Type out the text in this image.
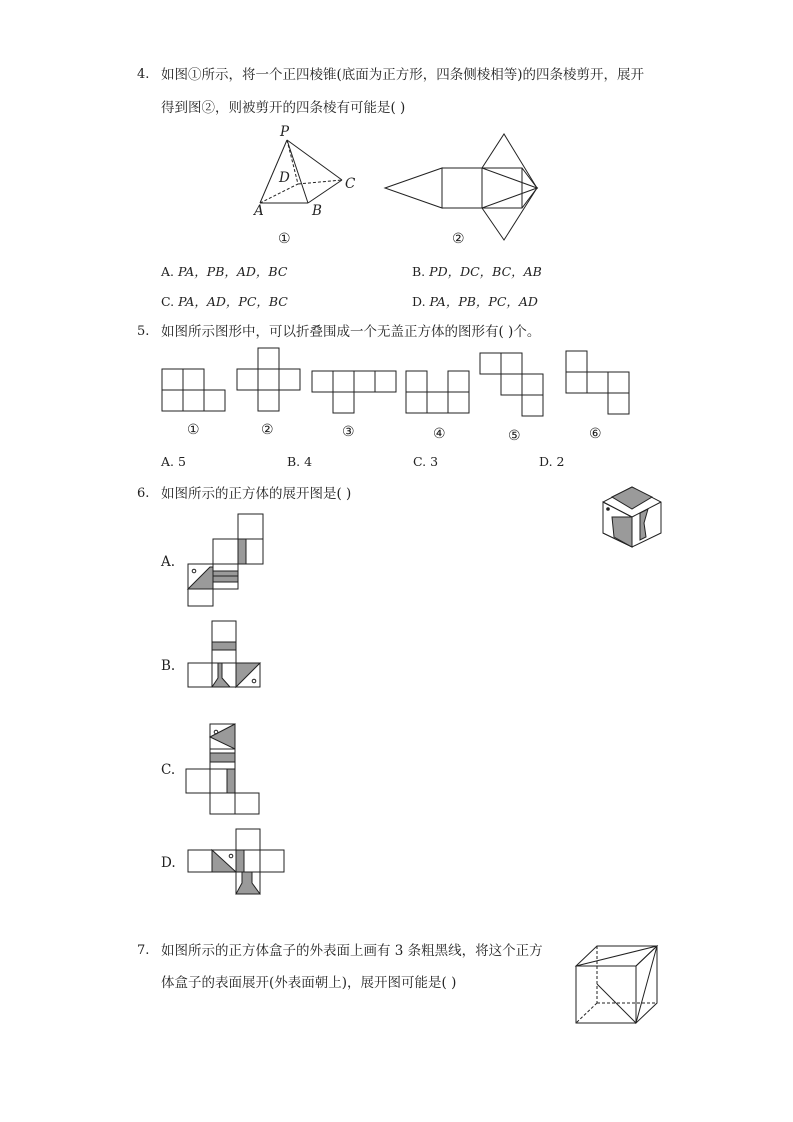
4. 如图①所示，将一个正四棱锥(底面为正方形，四条侧棱相等)的四条棱剪开，展开
得到图②，则被剪开的四条棱有可能是( )
P
D	C
A	B
①	②
A. PA，PB，AD，BC	B. PD，DC，BC，AB
C. PA，AD，PC，BC	D. PA，PB，PC，AD
5. 如图所示图形中，可以折叠围成一个无盖正方体的图形有( )个。
①	②	③	④	⑤	⑥
A. 5	B. 4	C. 3	D. 2
6. 如图所示的正方体的展开图是( )
A.
B.
C.
D.
7. 如图所示的正方体盒子的外表面上画有 3 条粗黑线，将这个正方
体盒子的表面展开(外表面朝上)，展开图可能是( )
